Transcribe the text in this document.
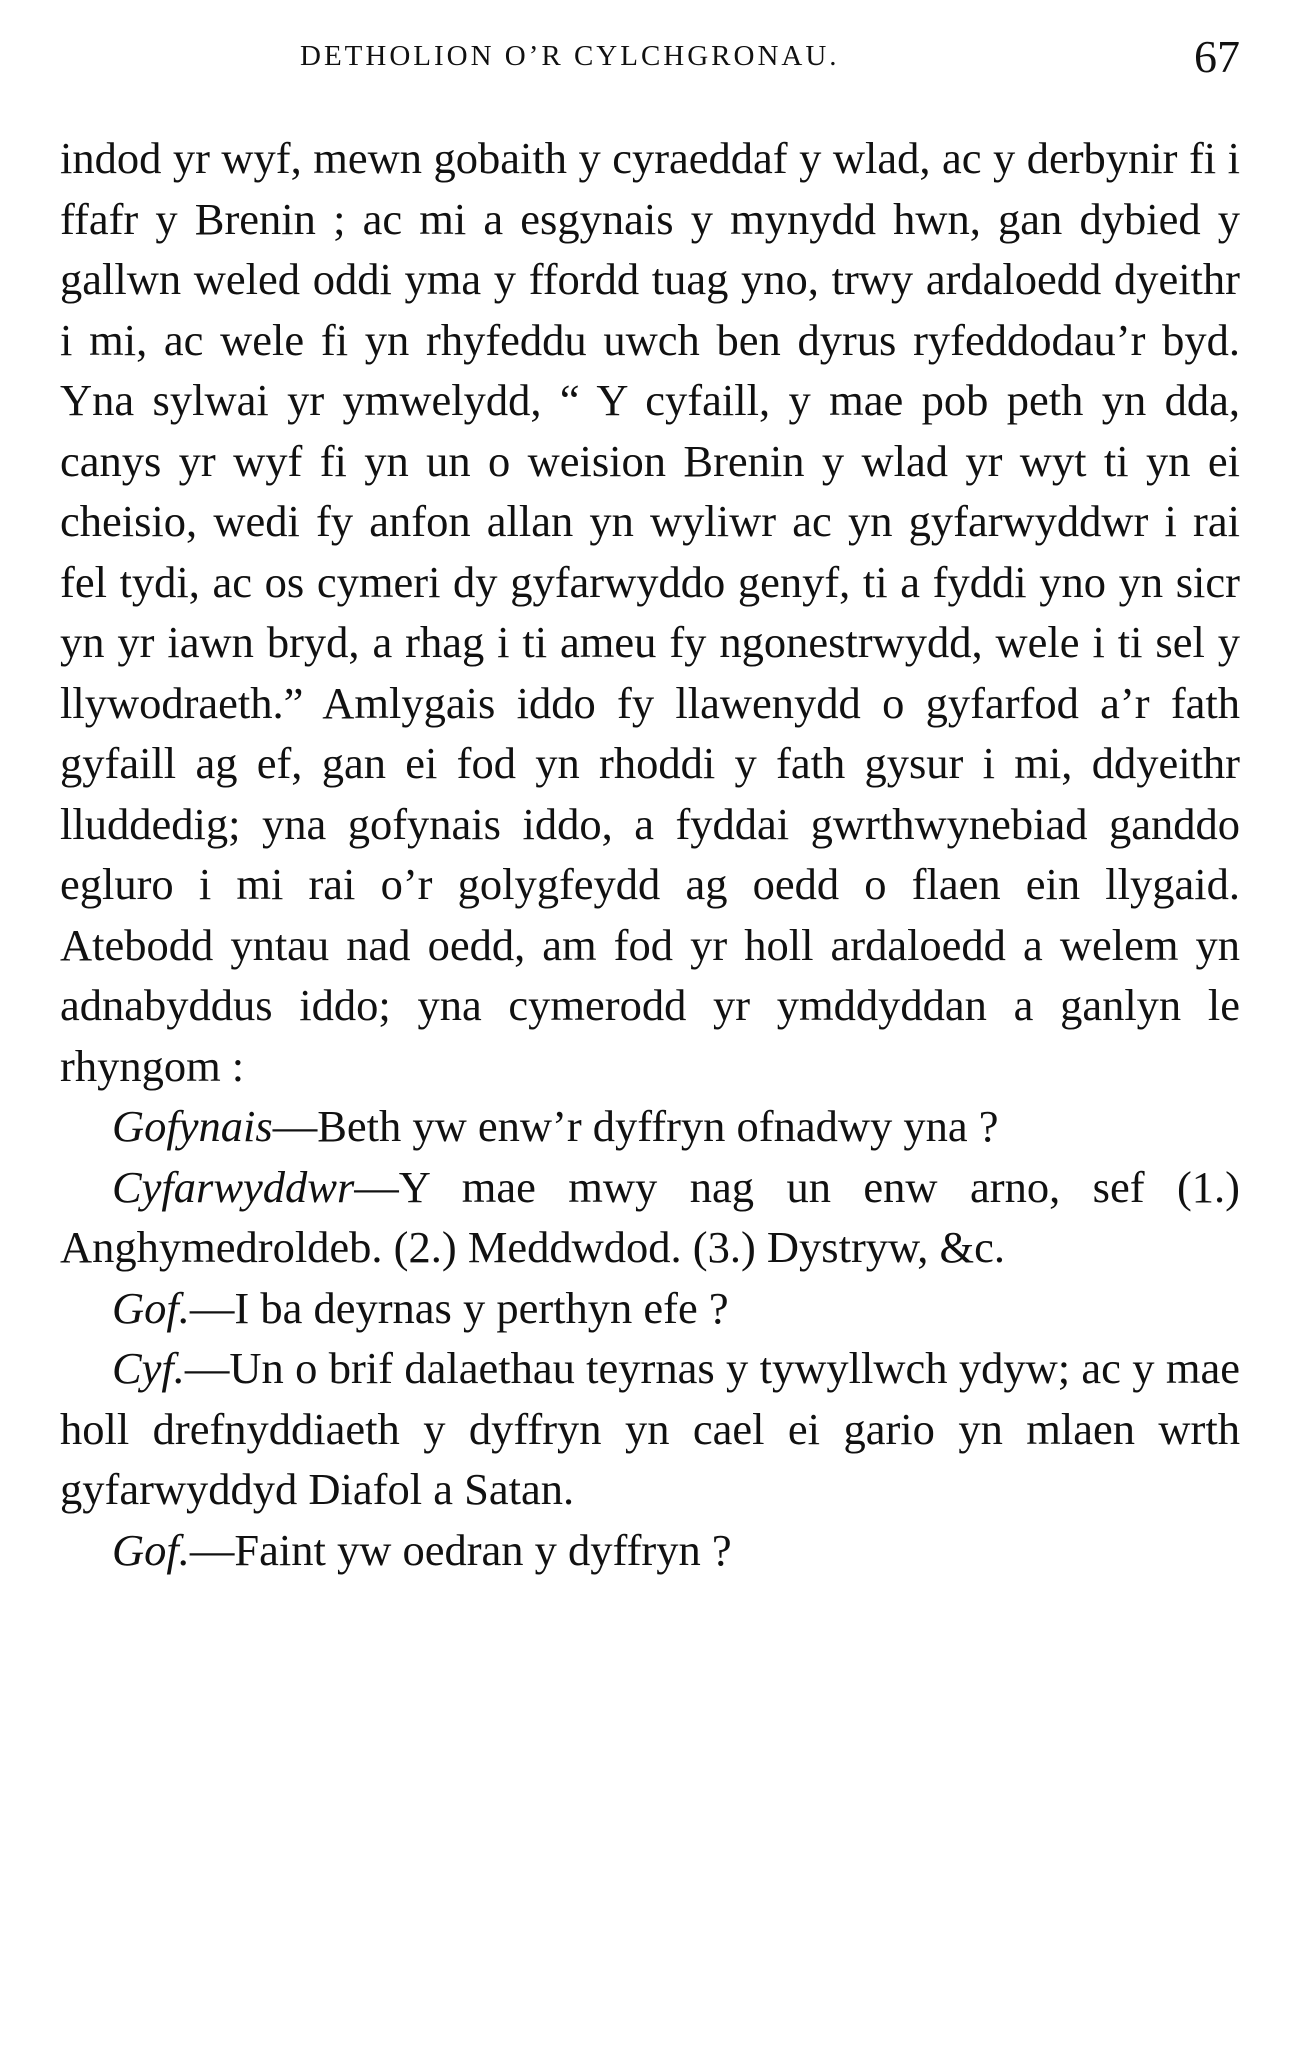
DETHOLION O’R CYLCHGRONAU.	67

indod yr wyf, mewn gobaith y cyraeddaf y wlad, ac y derbynir fi i ffafr y Brenin ; ac mi a esgynais y mynydd hwn, gan dybied y gallwn weled oddi yma y ffordd tuag yno, trwy ardaloedd dyeithr i mi, ac wele fi yn rhyfeddu uwch ben dyrus ryfeddodau’r byd. Yna sylwai yr ymwelydd, “ Y cyfaill, y mae pob peth yn dda, canys yr wyf fi yn un o weision Brenin y wlad yr wyt ti yn ei cheisio, wedi fy anfon allan yn wyliwr ac yn gyfarwyddwr i rai fel tydi, ac os cymeri dy gyfarwyddo genyf, ti a fyddi yno yn sicr yn yr iawn bryd, a rhag i ti ameu fy ngonestrwydd, wele i ti sel y llywodraeth.” Amlygais iddo fy llawenydd o gyfarfod a’r fath gyfaill ag ef, gan ei fod yn rhoddi y fath gysur i mi, ddyeithr lluddedig; yna gofynais iddo, a fyddai gwrthwynebiad ganddo egluro i mi rai o’r golygfeydd ag oedd o flaen ein llygaid. Atebodd yntau nad oedd, am fod yr holl ardaloedd a welem yn adnabyddus iddo; yna cymerodd yr ymddyddan a ganlyn le rhyngom :

Gofynais—Beth yw enw’r dyffryn ofnadwy yna ?

Cyfarwyddwr—Y mae mwy nag un enw arno, sef (1.) Anghymedroldeb. (2.) Meddwdod. (3.) Dystryw, &c.

Gof.—I ba deyrnas y perthyn efe ?

Cyf.—Un o brif dalaethau teyrnas y tywyllwch ydyw; ac y mae holl drefnyddiaeth y dyffryn yn cael ei gario yn mlaen wrth gyfarwyddyd Diafol a Satan.

Gof.—Faint yw oedran y dyffryn ?
